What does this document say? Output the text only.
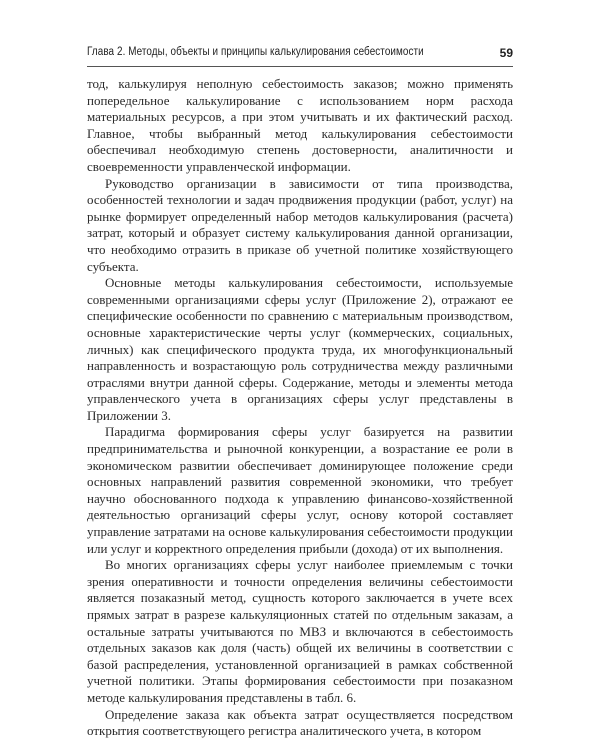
Глава 2. Методы, объекты и принципы калькулирования себестоимости	59

тод, калькулируя неполную себестоимость заказов; можно применять попередельное калькулирование с использованием норм расхода материальных ресурсов, а при этом учитывать и их фактический расход. Главное, чтобы выбранный метод калькулирования себестоимости обеспечивал необходимую степень достоверности, аналитичности и своевременности управленческой информации.

Руководство организации в зависимости от типа производства, особенностей технологии и задач продвижения продукции (работ, услуг) на рынке формирует определенный набор методов калькулирования (расчета) затрат, который и образует систему калькулирования данной организации, что необходимо отразить в приказе об учетной политике хозяйствующего субъекта.

Основные методы калькулирования себестоимости, используемые современными организациями сферы услуг (Приложение 2), отражают ее специфические особенности по сравнению с материальным производством, основные характеристические черты услуг (коммерческих, социальных, личных) как специфического продукта труда, их многофункциональный направленность и возрастающую роль сотрудничества между различными отраслями внутри данной сферы. Содержание, методы и элементы метода управленческого учета в организациях сферы услуг представлены в Приложении 3.

Парадигма формирования сферы услуг базируется на развитии предпринимательства и рыночной конкуренции, а возрастание ее роли в экономическом развитии обеспечивает доминирующее положение среди основных направлений развития современной экономики, что требует научно обоснованного подхода к управлению финансово-хозяйственной деятельностью организаций сферы услуг, основу которой составляет управление затратами на основе калькулирования себестоимости продукции или услуг и корректного определения прибыли (дохода) от их выполнения.

Во многих организациях сферы услуг наиболее приемлемым с точки зрения оперативности и точности определения величины себестоимости является позаказный метод, сущность которого заключается в учете всех прямых затрат в разрезе калькуляционных статей по отдельным заказам, а остальные затраты учитываются по МВЗ и включаются в себестоимость отдельных заказов как доля (часть) общей их величины в соответствии с базой распределения, установленной организацией в рамках собственной учетной политики. Этапы формирования себестоимости при позаказном методе калькулирования представлены в табл. 6.

Определение заказа как объекта затрат осуществляется посредством открытия соответствующего регистра аналитического учета, в котором
